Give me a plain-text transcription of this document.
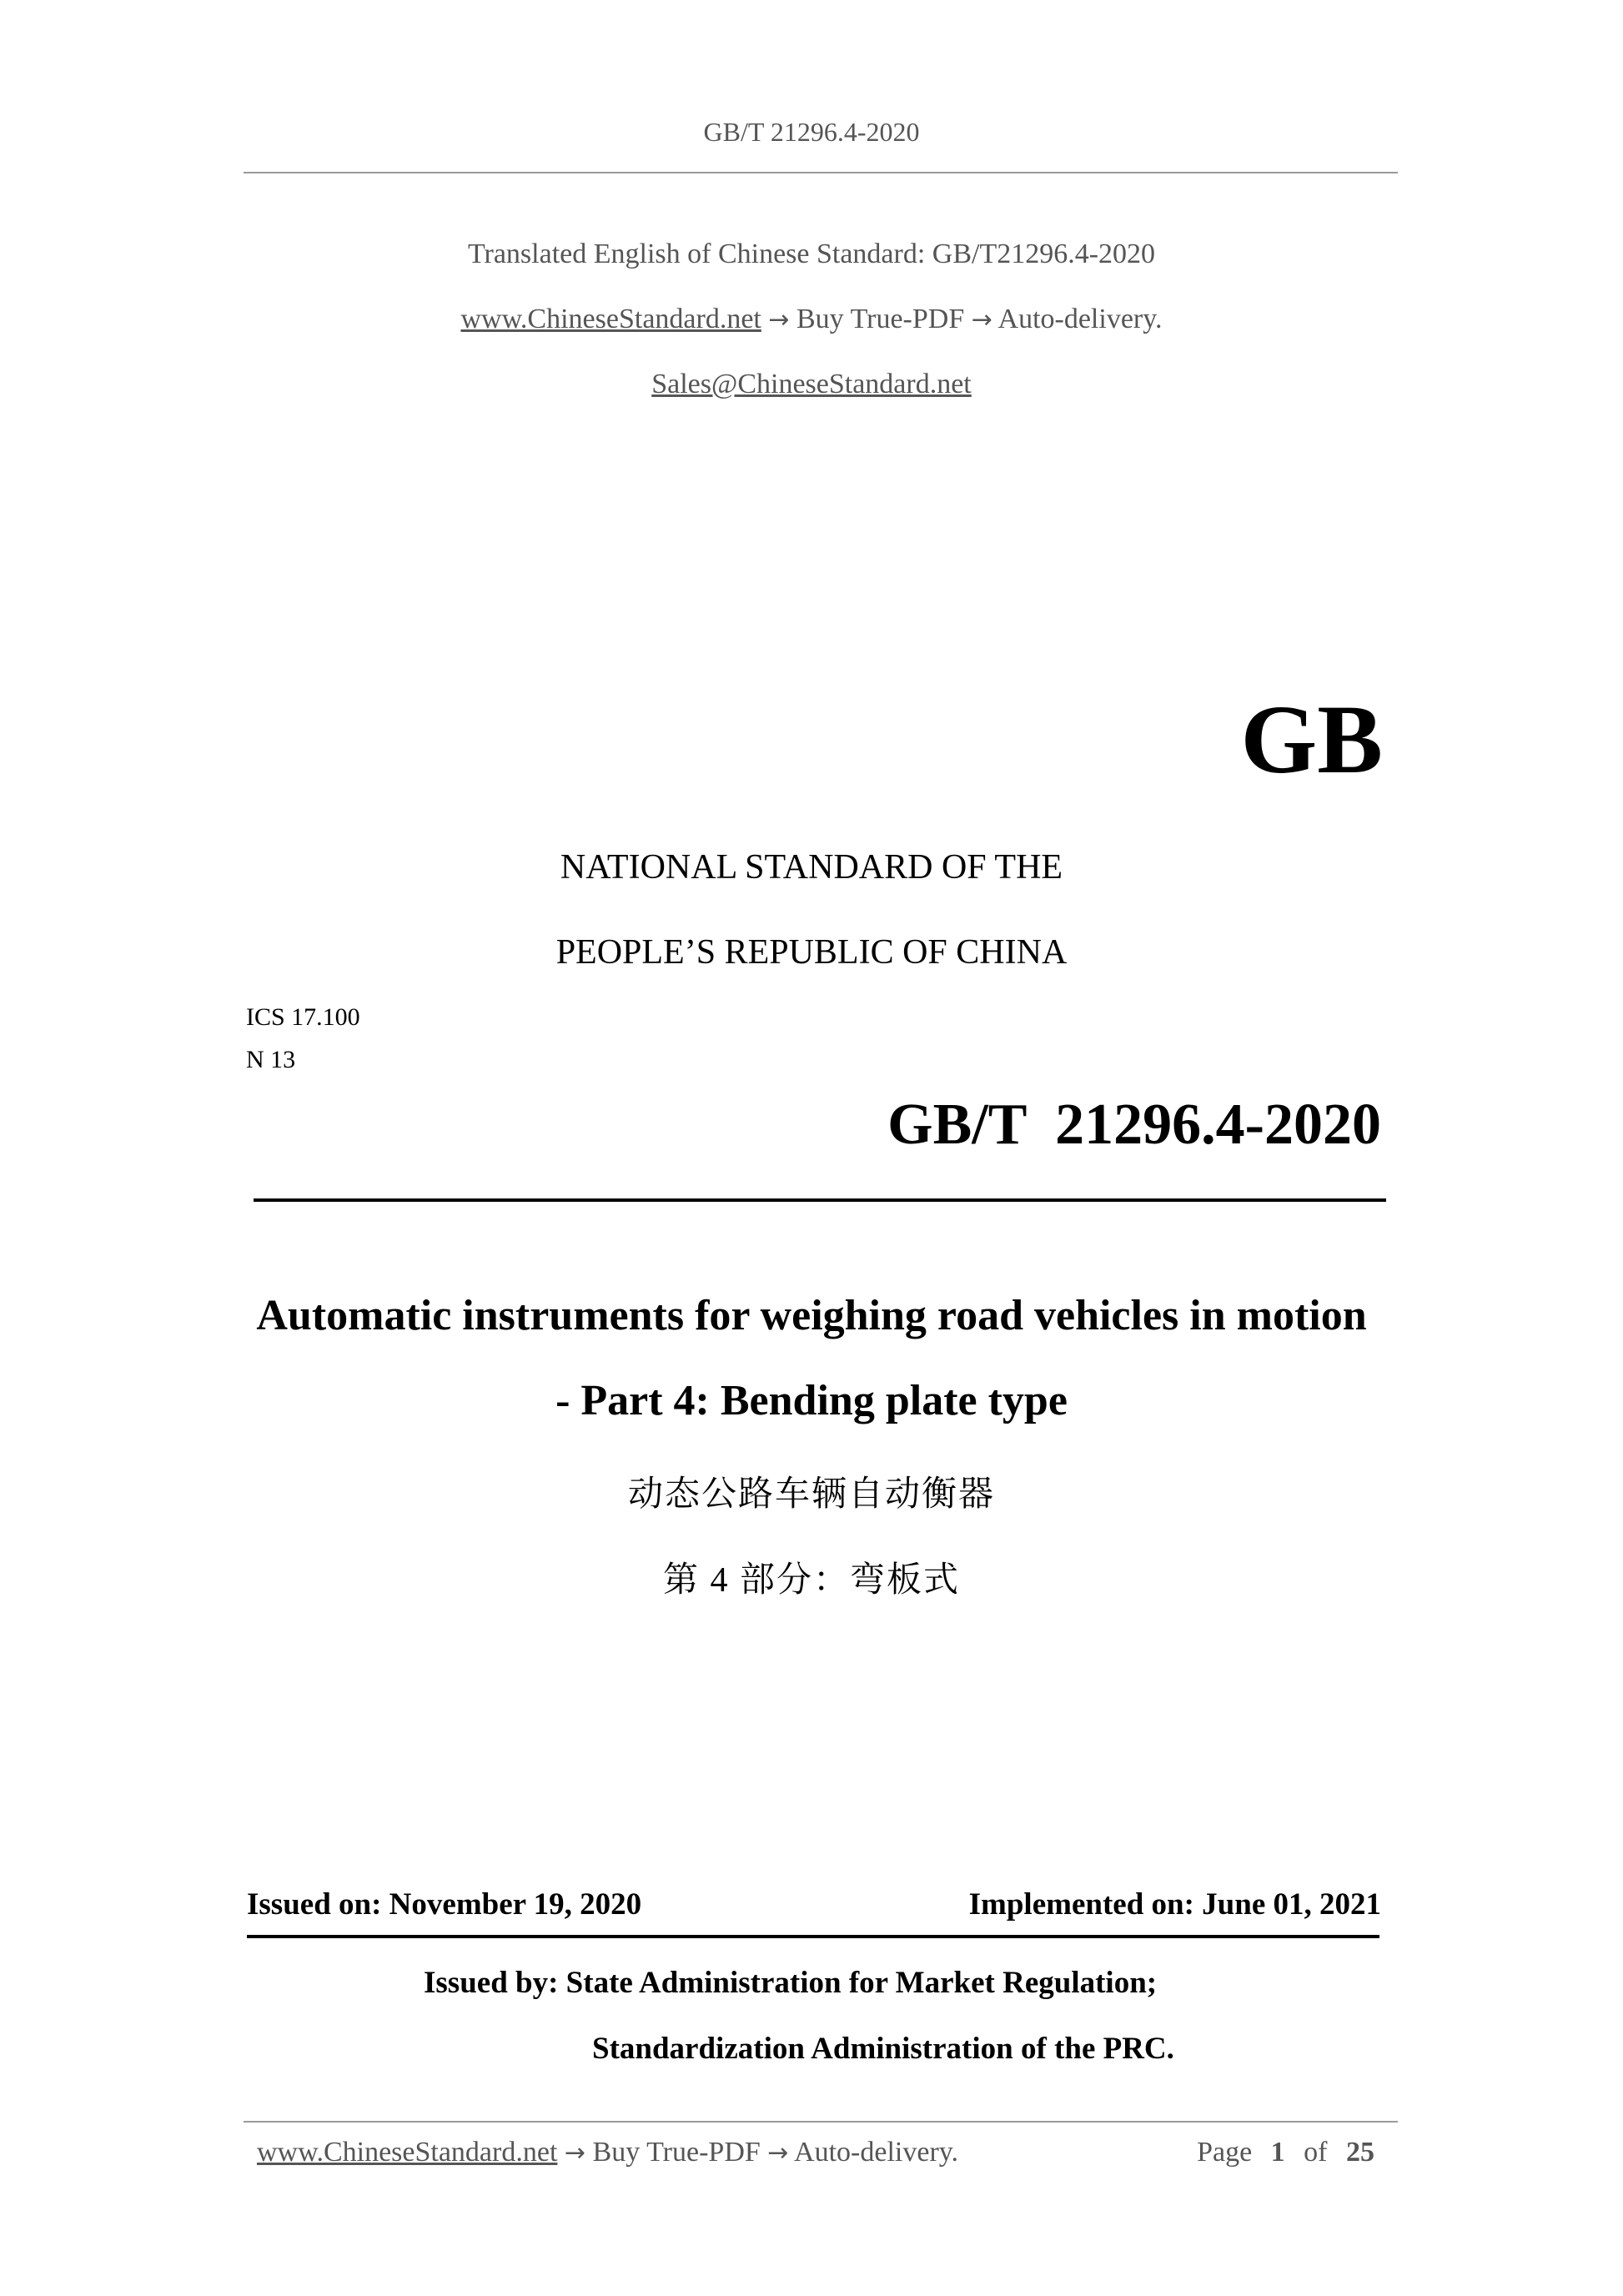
GB/T 21296.4-2020
Translated English of Chinese Standard: GB/T21296.4-2020
www.ChineseStandard.net → Buy True-PDF → Auto-delivery.
Sales@ChineseStandard.net
GB
NATIONAL STANDARD OF THE
PEOPLE’S REPUBLIC OF CHINA
ICS 17.100
N 13
GB/T  21296.4-2020
Automatic instruments for weighing road vehicles in motion
- Part 4: Bending plate type
动态公路车辆自动衡器
第 4 部分：弯板式
Issued on: November 19, 2020	Implemented on: June 01, 2021
Issued by: State Administration for Market Regulation;
Standardization Administration of the PRC.
www.ChineseStandard.net → Buy True-PDF → Auto-delivery.	Page 1 of 25
